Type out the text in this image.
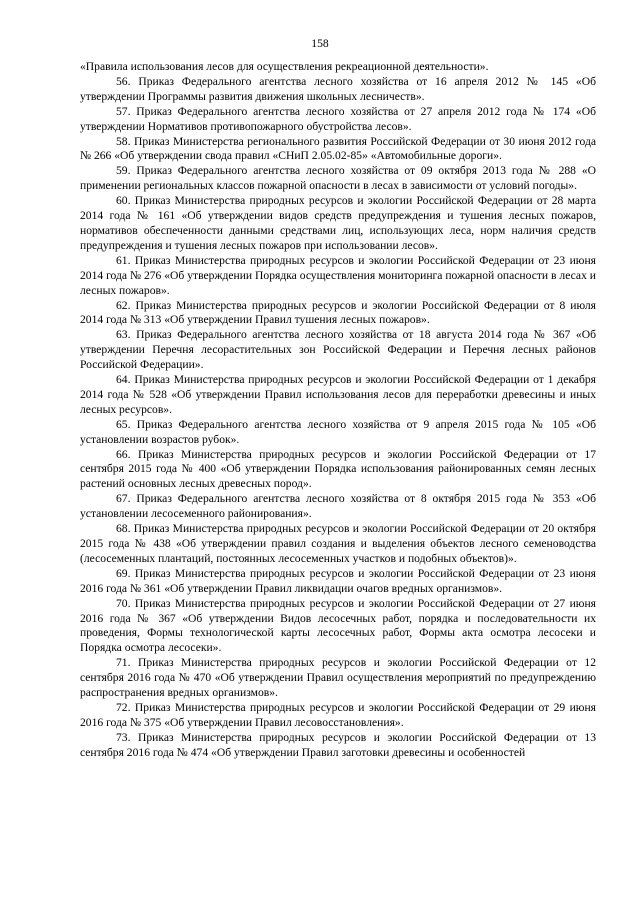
158

«Правила использования лесов для осуществления рекреационной деятельности».

56. Приказ Федерального агентства лесного хозяйства от 16 апреля 2012 № 145 «Об утверждении Программы развития движения школьных лесничеств».

57. Приказ Федерального агентства лесного хозяйства от 27 апреля 2012 года № 174 «Об утверждении Нормативов противопожарного обустройства лесов».

58. Приказ Министерства регионального развития Российской Федерации от 30 июня 2012 года № 266 «Об утверждении свода правил «СНиП 2.05.02-85» «Автомобильные дороги».

59. Приказ Федерального агентства лесного хозяйства от 09 октября 2013 года № 288 «О применении региональных классов пожарной опасности в лесах в зависимости от условий погоды».

60. Приказ Министерства природных ресурсов и экологии Российской Федерации от 28 марта 2014 года № 161 «Об утверждении видов средств предупреждения и тушения лесных пожаров, нормативов обеспеченности данными средствами лиц, использующих леса, норм наличия средств предупреждения и тушения лесных пожаров при использовании лесов».

61. Приказ Министерства природных ресурсов и экологии Российской Федерации от 23 июня 2014 года № 276 «Об утверждении Порядка осуществления мониторинга пожарной опасности в лесах и лесных пожаров».

62. Приказ Министерства природных ресурсов и экологии Российской Федерации от 8 июля 2014 года № 313 «Об утверждении Правил тушения лесных пожаров».

63. Приказ Федерального агентства лесного хозяйства от 18 августа 2014 года № 367 «Об утверждении Перечня лесорастительных зон Российской Федерации и Перечня лесных районов Российской Федерации».

64. Приказ Министерства природных ресурсов и экологии Российской Федерации от 1 декабря 2014 года № 528 «Об утверждении Правил использования лесов для переработки древесины и иных лесных ресурсов».

65. Приказ Федерального агентства лесного хозяйства от 9 апреля 2015 года № 105 «Об установлении возрастов рубок».

66. Приказ Министерства природных ресурсов и экологии Российской Федерации от 17 сентября 2015 года № 400 «Об утверждении Порядка использования районированных семян лесных растений основных лесных древесных пород».

67. Приказ Федерального агентства лесного хозяйства от 8 октября 2015 года № 353 «Об установлении лесосеменного районирования».

68. Приказ Министерства природных ресурсов и экологии Российской Федерации от 20 октября 2015 года № 438 «Об утверждении правил создания и выделения объектов лесного семеноводства (лесосеменных плантаций, постоянных лесосеменных участков и подобных объектов)».

69. Приказ Министерства природных ресурсов и экологии Российской Федерации от 23 июня 2016 года № 361 «Об утверждении Правил ликвидации очагов вредных организмов».

70. Приказ Министерства природных ресурсов и экологии Российской Федерации от 27 июня 2016 года № 367 «Об утверждении Видов лесосечных работ, порядка и последовательности их проведения, Формы технологической карты лесосечных работ, Формы акта осмотра лесосеки и Порядка осмотра лесосеки».

71. Приказ Министерства природных ресурсов и экологии Российской Федерации от 12 сентября 2016 года № 470 «Об утверждении Правил осуществления мероприятий по предупреждению распространения вредных организмов».

72. Приказ Министерства природных ресурсов и экологии Российской Федерации от 29 июня 2016 года № 375 «Об утверждении Правил лесовосстановления».

73. Приказ Министерства природных ресурсов и экологии Российской Федерации от 13 сентября 2016 года № 474 «Об утверждении Правил заготовки древесины и особенностей
